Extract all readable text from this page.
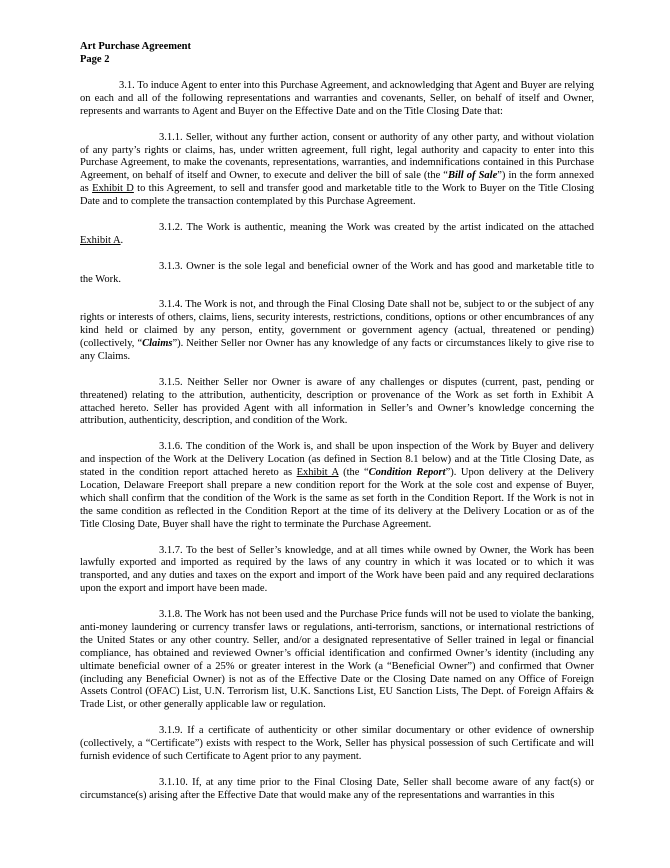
Art Purchase Agreement
Page 2

3.1. To induce Agent to enter into this Purchase Agreement, and acknowledging that Agent and Buyer are relying on each and all of the following representations and warranties and covenants, Seller, on behalf of itself and Owner, represents and warrants to Agent and Buyer on the Effective Date and on the Title Closing Date that:

3.1.1. Seller, without any further action, consent or authority of any other party, and without violation of any party’s rights or claims, has, under written agreement, full right, legal authority and capacity to enter into this Purchase Agreement, to make the covenants, representations, warranties, and indemnifications contained in this Purchase Agreement, on behalf of itself and Owner, to execute and deliver the bill of sale (the “Bill of Sale”) in the form annexed as Exhibit D to this Agreement, to sell and transfer good and marketable title to the Work to Buyer on the Title Closing Date and to complete the transaction contemplated by this Purchase Agreement.

3.1.2. The Work is authentic, meaning the Work was created by the artist indicated on the attached Exhibit A.

3.1.3. Owner is the sole legal and beneficial owner of the Work and has good and marketable title to the Work.

3.1.4. The Work is not, and through the Final Closing Date shall not be, subject to or the subject of any rights or interests of others, claims, liens, security interests, restrictions, conditions, options or other encumbrances of any kind held or claimed by any person, entity, government or government agency (actual, threatened or pending) (collectively, “Claims”). Neither Seller nor Owner has any knowledge of any facts or circumstances likely to give rise to any Claims.

3.1.5. Neither Seller nor Owner is aware of any challenges or disputes (current, past, pending or threatened) relating to the attribution, authenticity, description or provenance of the Work as set forth in Exhibit A attached hereto. Seller has provided Agent with all information in Seller’s and Owner’s knowledge concerning the attribution, authenticity, description, and condition of the Work.

3.1.6. The condition of the Work is, and shall be upon inspection of the Work by Buyer and delivery and inspection of the Work at the Delivery Location (as defined in Section 8.1 below) and at the Title Closing Date, as stated in the condition report attached hereto as Exhibit A (the “Condition Report”). Upon delivery at the Delivery Location, Delaware Freeport shall prepare a new condition report for the Work at the sole cost and expense of Buyer, which shall confirm that the condition of the Work is the same as set forth in the Condition Report. If the Work is not in the same condition as reflected in the Condition Report at the time of its delivery at the Delivery Location or as of the Title Closing Date, Buyer shall have the right to terminate the Purchase Agreement.

3.1.7. To the best of Seller’s knowledge, and at all times while owned by Owner, the Work has been lawfully exported and imported as required by the laws of any country in which it was located or to which it was transported, and any duties and taxes on the export and import of the Work have been paid and any required declarations upon the export and import have been made.

3.1.8. The Work has not been used and the Purchase Price funds will not be used to violate the banking, anti-money laundering or currency transfer laws or regulations, anti-terrorism, sanctions, or international restrictions of the United States or any other country. Seller, and/or a designated representative of Seller trained in legal or financial compliance, has obtained and reviewed Owner’s official identification and confirmed Owner’s identity (including any ultimate beneficial owner of a 25% or greater interest in the Work (a “Beneficial Owner”) and confirmed that Owner (including any Beneficial Owner) is not as of the Effective Date or the Closing Date named on any Office of Foreign Assets Control (OFAC) List, U.N. Terrorism list, U.K. Sanctions List, EU Sanction Lists, The Dept. of Foreign Affairs & Trade List, or other generally applicable law or regulation.

3.1.9. If a certificate of authenticity or other similar documentary or other evidence of ownership (collectively, a “Certificate”) exists with respect to the Work, Seller has physical possession of such Certificate and will furnish evidence of such Certificate to Agent prior to any payment.

3.1.10. If, at any time prior to the Final Closing Date, Seller shall become aware of any fact(s) or circumstance(s) arising after the Effective Date that would make any of the representations and warranties in this
